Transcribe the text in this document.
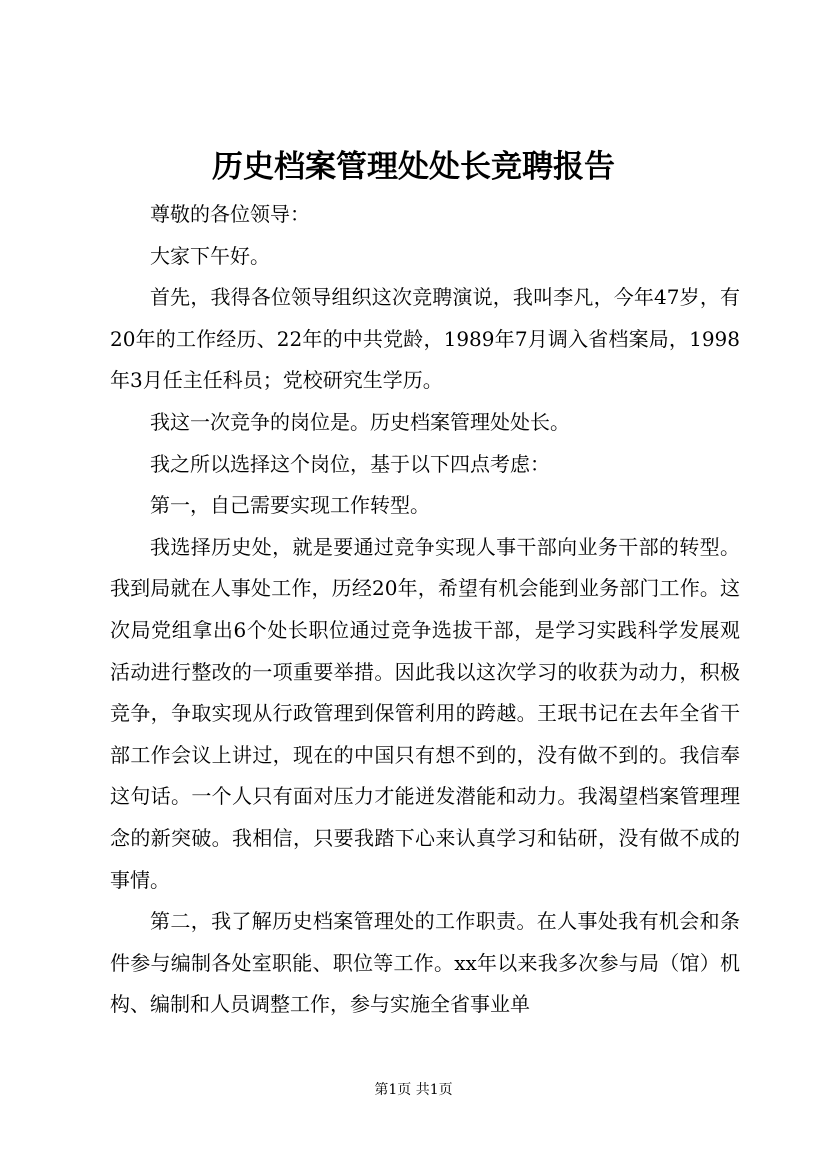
历史档案管理处处长竞聘报告

尊敬的各位领导：

大家下午好。

首先，我得各位领导组织这次竞聘演说，我叫李凡，今年47岁，有20年的工作经历、22年的中共党龄，1989年7月调入省档案局，1998年3月任主任科员；党校研究生学历。

我这一次竞争的岗位是。历史档案管理处处长。

我之所以选择这个岗位，基于以下四点考虑：

第一，自己需要实现工作转型。

我选择历史处，就是要通过竞争实现人事干部向业务干部的转型。我到局就在人事处工作，历经20年，希望有机会能到业务部门工作。这次局党组拿出6个处长职位通过竞争选拔干部，是学习实践科学发展观活动进行整改的一项重要举措。因此我以这次学习的收获为动力，积极竞争，争取实现从行政管理到保管利用的跨越。王珉书记在去年全省干部工作会议上讲过，现在的中国只有想不到的，没有做不到的。我信奉这句话。一个人只有面对压力才能迸发潜能和动力。我渴望档案管理理念的新突破。我相信，只要我踏下心来认真学习和钻研，没有做不成的事情。

第二，我了解历史档案管理处的工作职责。在人事处我有机会和条件参与编制各处室职能、职位等工作。xx年以来我多次参与局（馆）机构、编制和人员调整工作，参与实施全省事业单

第1页 共1页
